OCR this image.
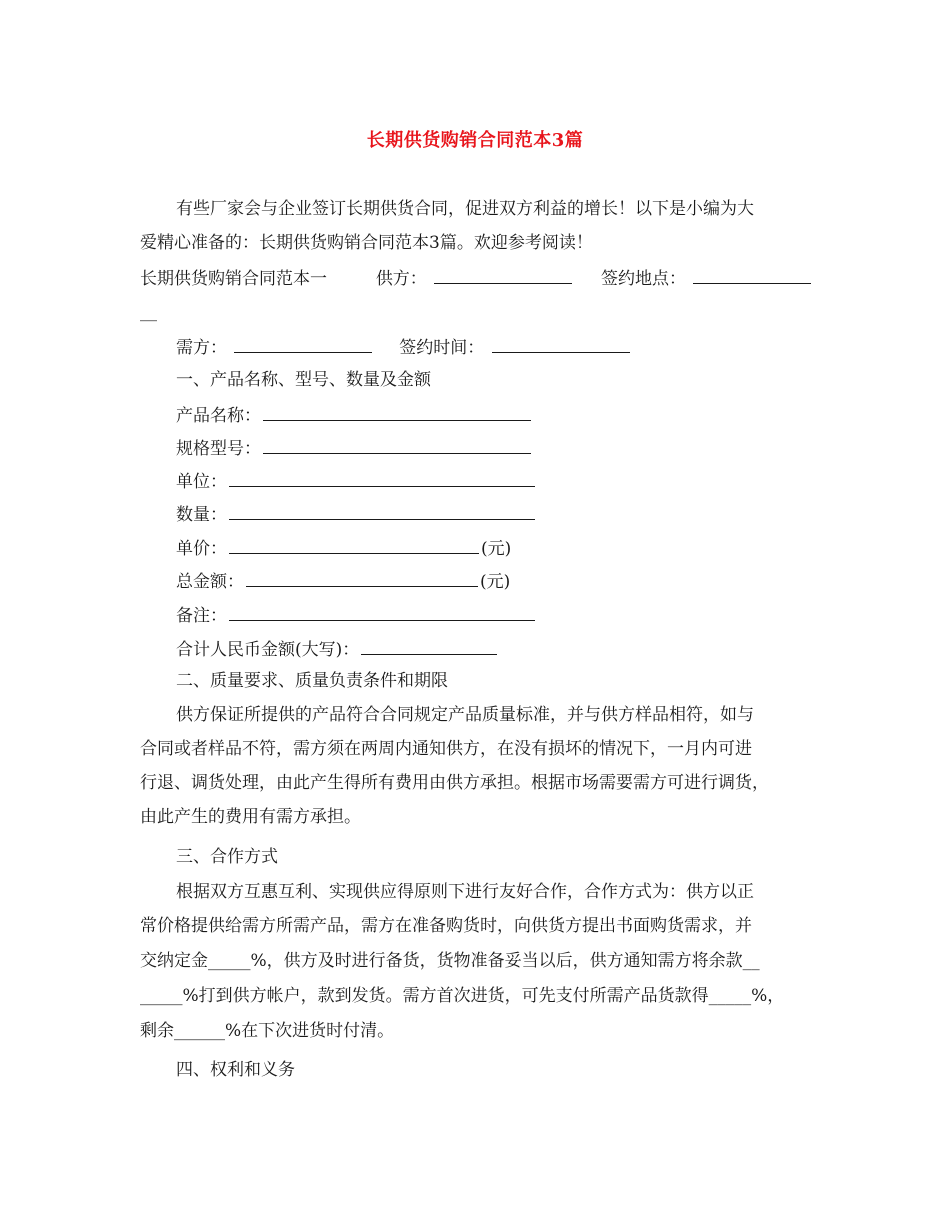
长期供货购销合同范本3篇
有些厂家会与企业签订长期供货合同，促进双方利益的增长！以下是小编为大
爱精心准备的：长期供货购销合同范本3篇。欢迎参考阅读！
长期供货购销合同范本一	供方：	签约地点：
__
需方：	签约时间：
一、产品名称、型号、数量及金额
产品名称：
规格型号：
单位：
数量：
单价：	(元)
总金额：	(元)
备注：
合计人民币金额(大写)：
二、质量要求、质量负责条件和期限
供方保证所提供的产品符合合同规定产品质量标准，并与供方样品相符，如与
合同或者样品不符，需方须在两周内通知供方，在没有损坏的情况下，一月内可进
行退、调货处理，由此产生得所有费用由供方承担。根据市场需要需方可进行调货，
由此产生的费用有需方承担。
三、合作方式
根据双方互惠互利、实现供应得原则下进行友好合作，合作方式为：供方以正
常价格提供给需方所需产品，需方在准备购货时，向供货方提出书面购货需求，并
交纳定金_____%，供方及时进行备货，货物准备妥当以后，供方通知需方将余款__
_____%打到供方帐户，款到发货。需方首次进货，可先支付所需产品货款得_____%，
剩余______%在下次进货时付清。
四、权利和义务
